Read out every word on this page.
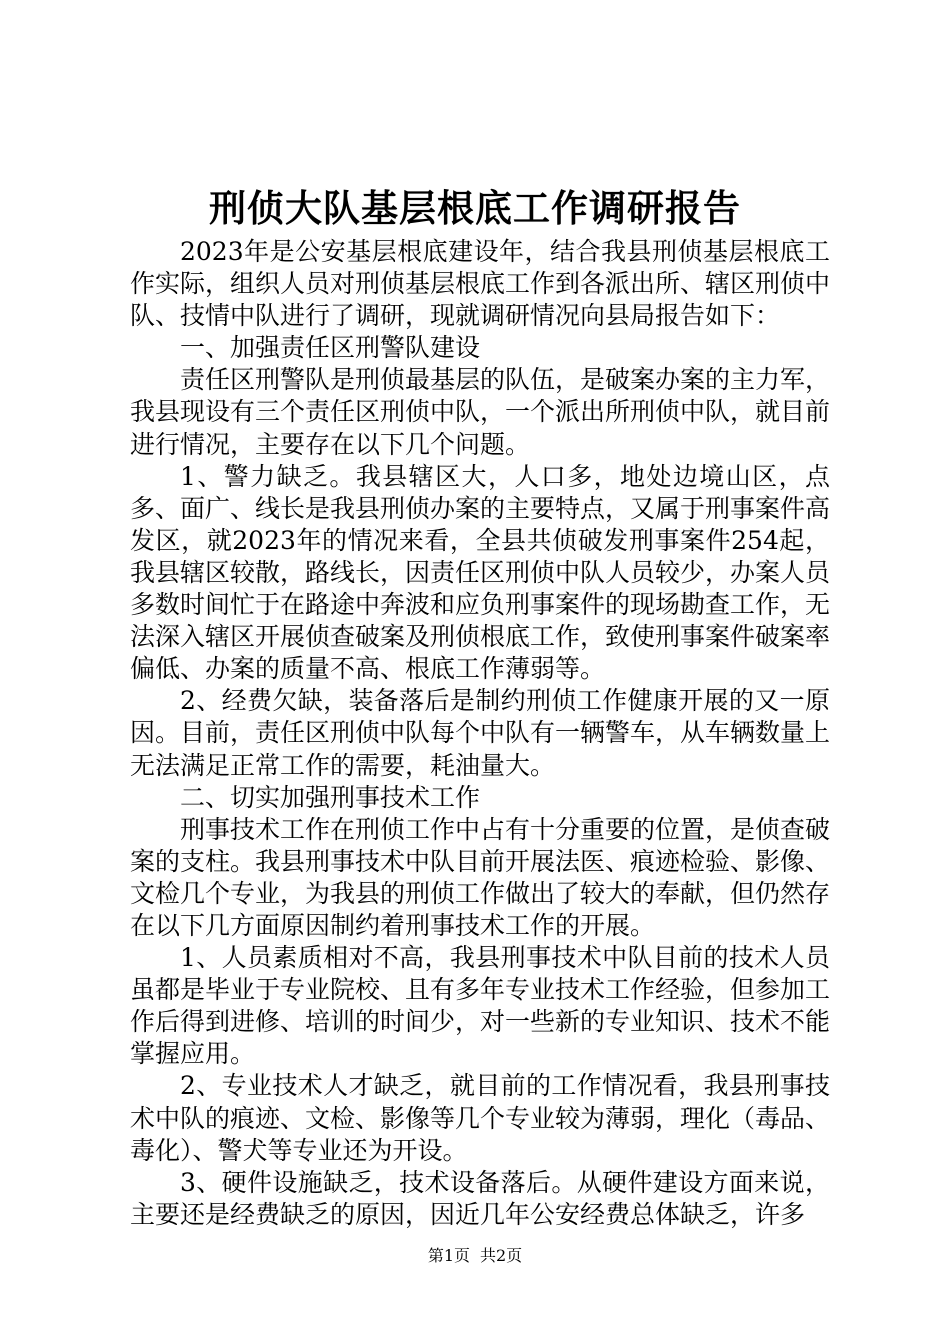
刑侦大队基层根底工作调研报告

2023年是公安基层根底建设年，结合我县刑侦基层根底工作实际，组织人员对刑侦基层根底工作到各派出所、辖区刑侦中队、技情中队进行了调研，现就调研情况向县局报告如下：

一、加强责任区刑警队建设

责任区刑警队是刑侦最基层的队伍，是破案办案的主力军，我县现设有三个责任区刑侦中队，一个派出所刑侦中队，就目前进行情况，主要存在以下几个问题。

1、警力缺乏。我县辖区大，人口多，地处边境山区，点多、面广、线长是我县刑侦办案的主要特点，又属于刑事案件高发区，就2023年的情况来看，全县共侦破发刑事案件254起，我县辖区较散，路线长，因责任区刑侦中队人员较少，办案人员多数时间忙于在路途中奔波和应负刑事案件的现场勘查工作，无法深入辖区开展侦查破案及刑侦根底工作，致使刑事案件破案率偏低、办案的质量不高、根底工作薄弱等。

2、经费欠缺，装备落后是制约刑侦工作健康开展的又一原因。目前，责任区刑侦中队每个中队有一辆警车，从车辆数量上无法满足正常工作的需要，耗油量大。

二、切实加强刑事技术工作

刑事技术工作在刑侦工作中占有十分重要的位置，是侦查破案的支柱。我县刑事技术中队目前开展法医、痕迹检验、影像、文检几个专业，为我县的刑侦工作做出了较大的奉献，但仍然存在以下几方面原因制约着刑事技术工作的开展。

1、人员素质相对不高，我县刑事技术中队目前的技术人员虽都是毕业于专业院校、且有多年专业技术工作经验，但参加工作后得到进修、培训的时间少，对一些新的专业知识、技术不能掌握应用。

2、专业技术人才缺乏，就目前的工作情况看，我县刑事技术中队的痕迹、文检、影像等几个专业较为薄弱，理化（毒品、毒化）、警犬等专业还为开设。

3、硬件设施缺乏，技术设备落后。从硬件建设方面来说，主要还是经费缺乏的原因，因近几年公安经费总体缺乏，许多

第1页 共2页
